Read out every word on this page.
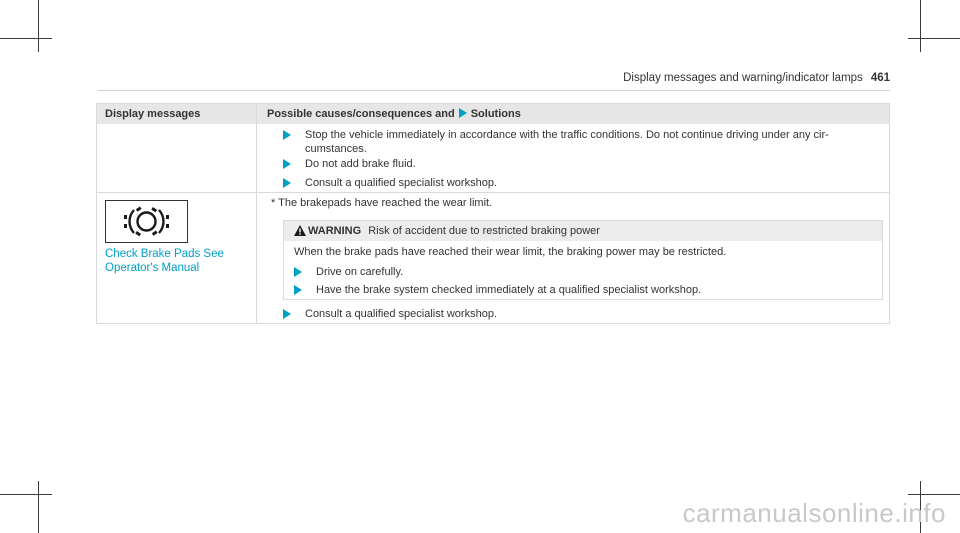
Display messages and warning/indicator lamps 461
Display messages	Possible causes/consequences and Solutions
Stop the vehicle immediately in accordance with the traffic conditions. Do not continue driving under any cir-
cumstances.
Do not add brake fluid.
Consult a qualified specialist workshop.
Check Brake Pads See
Operator's Manual
* The brakepads have reached the wear limit.
WARNING Risk of accident due to restricted braking power
When the brake pads have reached their wear limit, the braking power may be restricted.
Drive on carefully.
Have the brake system checked immediately at a qualified specialist workshop.
Consult a qualified specialist workshop.
carmanualsonline.info
